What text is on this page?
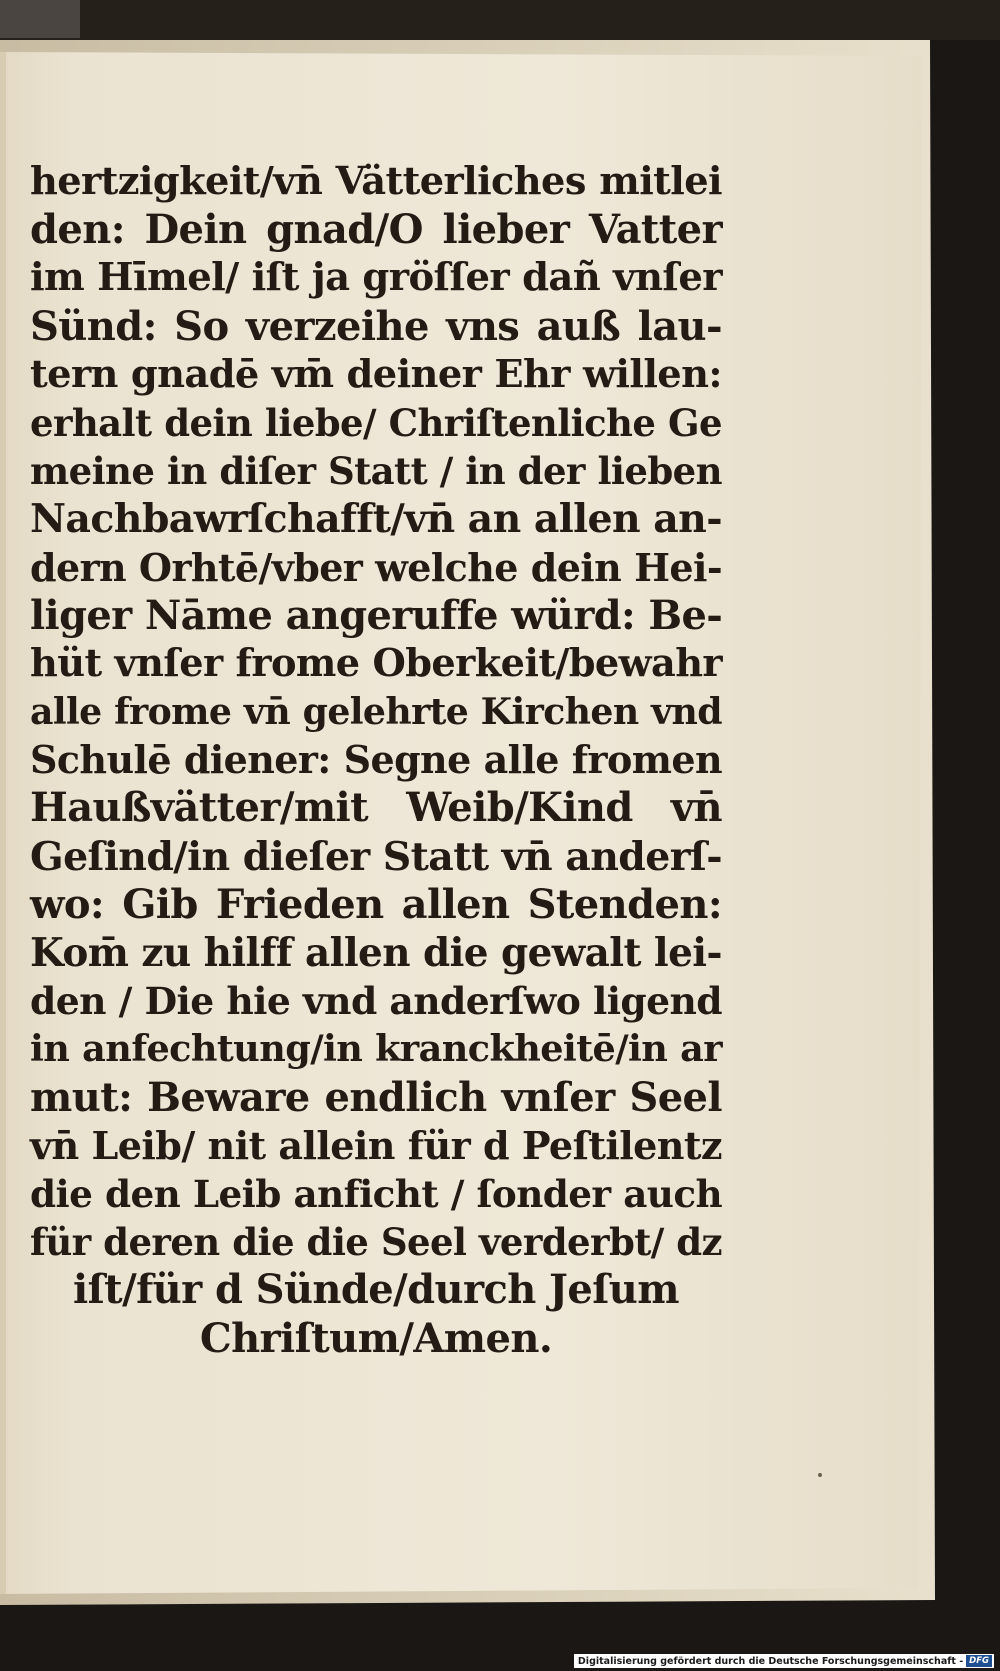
hertzigkeit/vn̄ Vätterliches mitlei
den: Dein gnad/O lieber Vatter
im Hīmel/ iſt ja gröſſer dañ vnſer
Sünd: So verzeihe vns auß lau-
tern gnadē vm̄ deiner Ehr willen:
erhalt dein liebe/ Chriſtenliche Ge
meine in diſer Statt / in der lieben
Nachbawrſchafft/vn̄ an allen an-
dern Orhtē/vber welche dein Hei-
liger Nāme angeruffe würd: Be-
hüt vnſer frome Oberkeit/bewahr
alle frome vn̄ gelehrte Kirchen vnd
Schulē diener: Segne alle fromen
Haußvätter/mit Weib/Kind vn̄
Geſind/in dieſer Statt vn̄ anderſ-
wo: Gib Frieden allen Stenden:
Kom̄ zu hilff allen die gewalt lei-
den / Die hie vnd anderſwo ligend
in anfechtung/in kranckheitē/in ar
mut: Beware endlich vnſer Seel
vn̄ Leib/ nit allein für d Peſtilentz
die den Leib anficht / ſonder auch
für deren die die Seel verderbt/ dz
iſt/für d Sünde/durch Jeſum
Chriſtum/Amen.
Digitalisierung gefördert durch die Deutsche Forschungsgemeinschaft - DFG
